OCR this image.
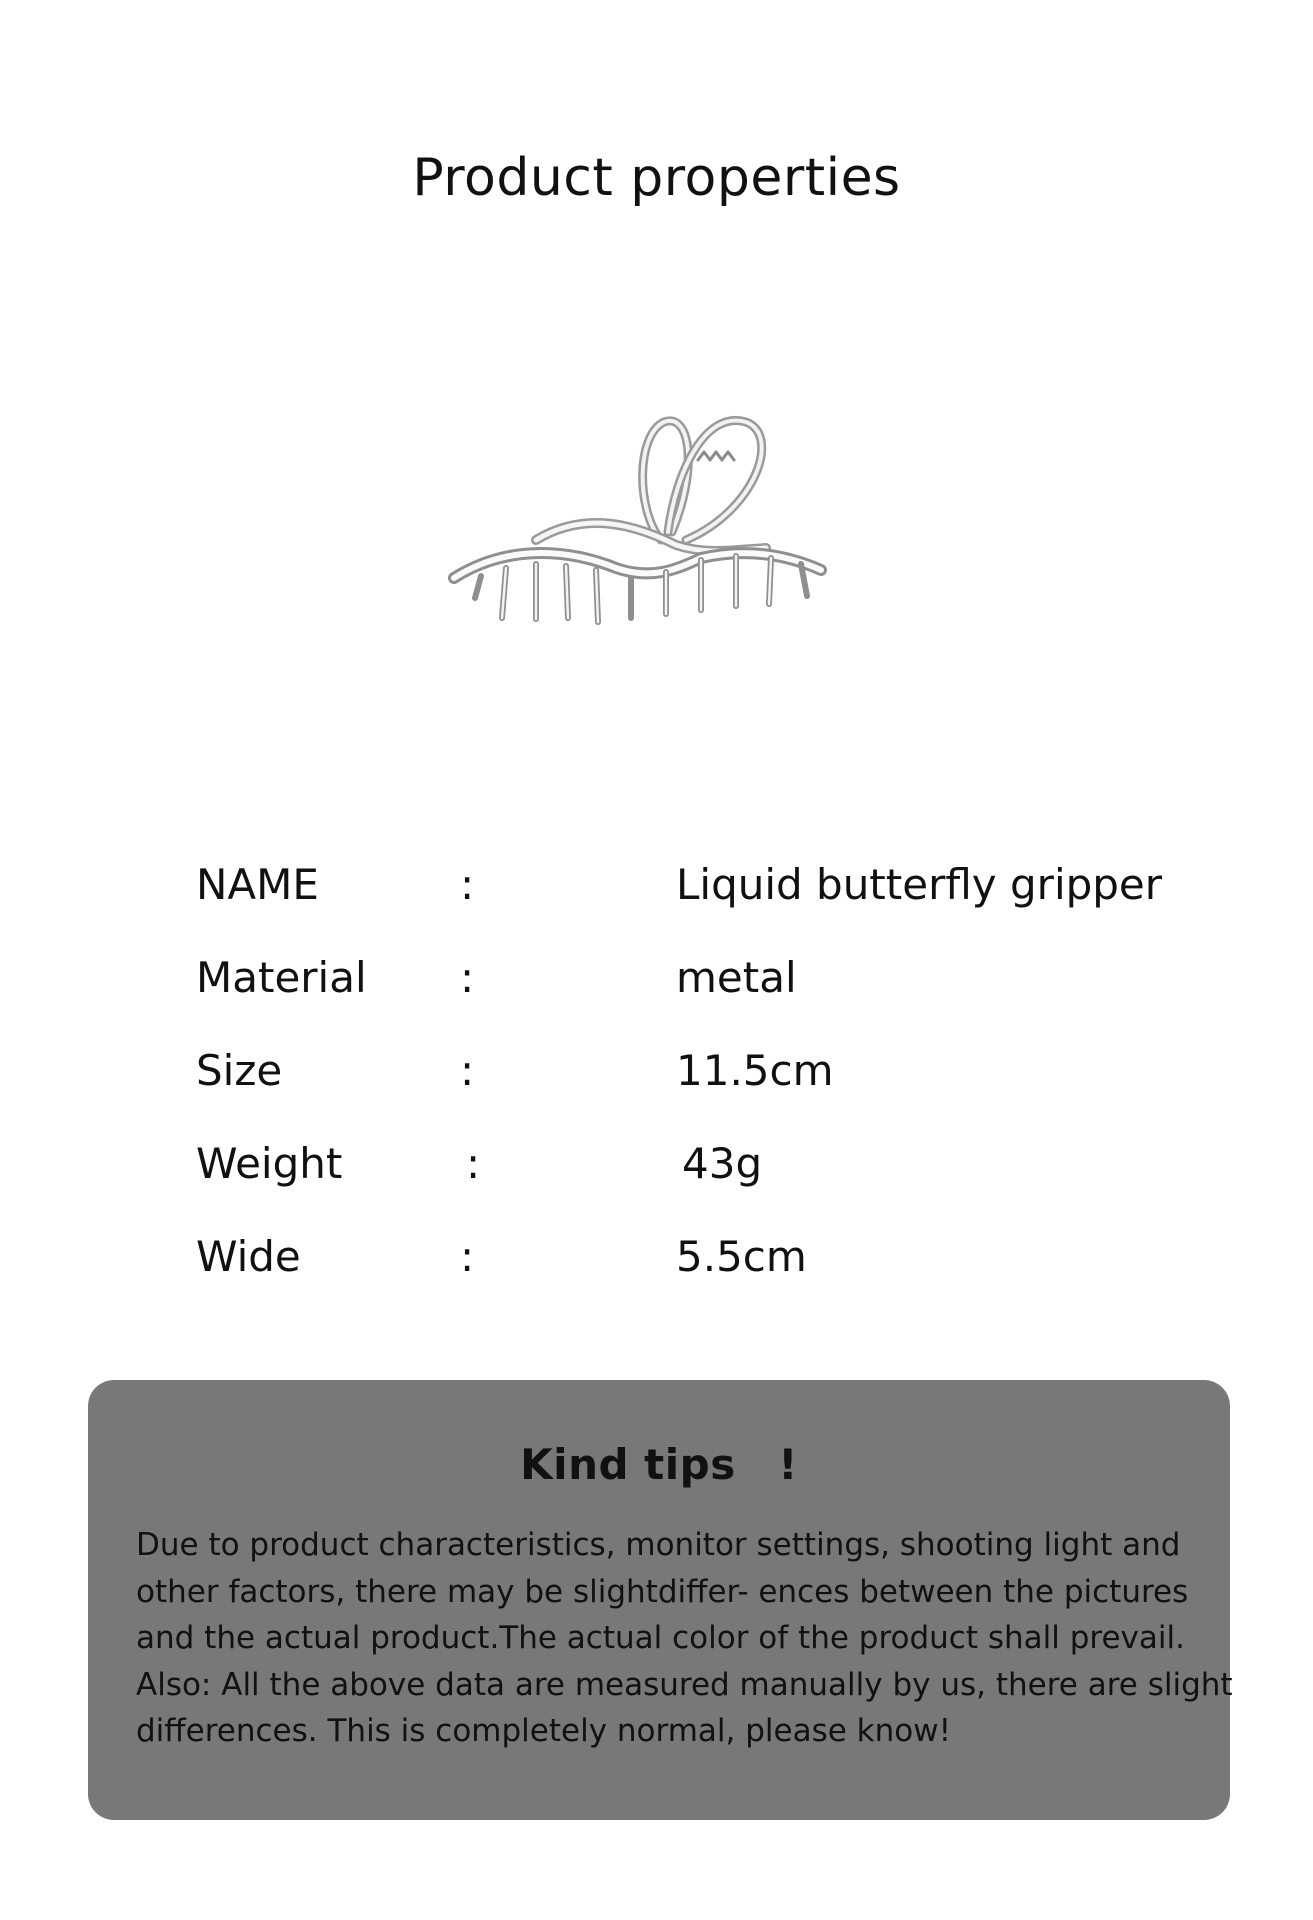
Product properties
NAME	:	Liquid butterfly gripper
Material :	metal
Size	:	11.5cm
Weight	:	43g
Wide	:	5.5cm
Kind tips　!
Due to product characteristics, monitor settings, shooting light and
other factors, there may be slightdiffer- ences between the pictures
and the actual product.The actual color of the product shall prevail.
Also: All the above data are measured manually by us, there are slight
differences. This is completely normal, please know!
